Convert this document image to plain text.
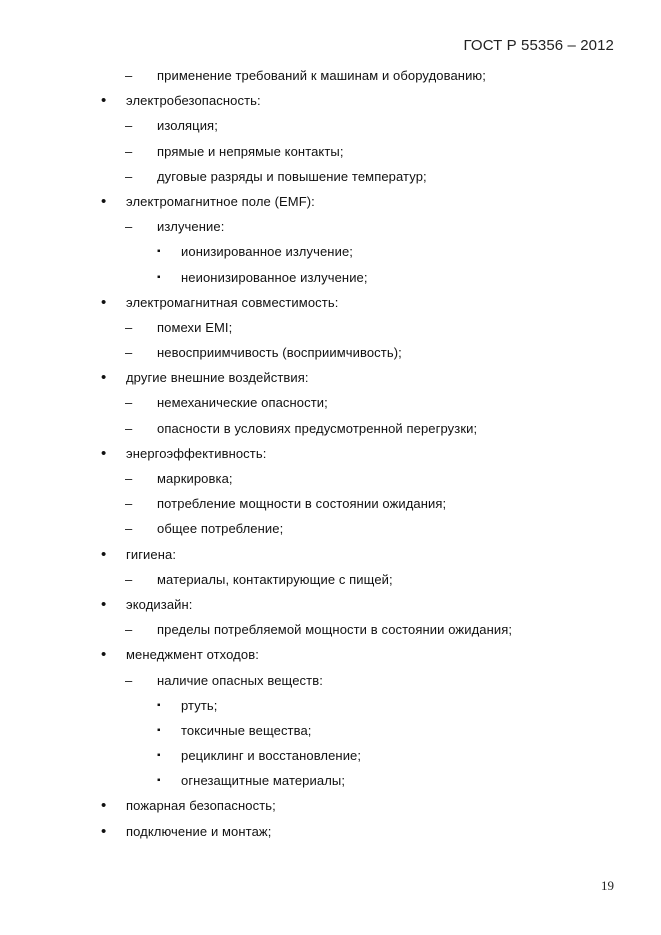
ГОСТ Р 55356 – 2012
– применение требований к машинам и оборудованию;
• электробезопасность:
– изоляция;
– прямые и непрямые контакты;
– дуговые разряды и повышение температур;
• электромагнитное поле (EMF):
– излучение:
▪ ионизированное излучение;
▪ неионизированное излучение;
• электромагнитная совместимость:
– помехи EMI;
– невосприимчивость (восприимчивость);
• другие внешние воздействия:
– немеханические опасности;
– опасности в условиях предусмотренной перегрузки;
• энергоэффективность:
– маркировка;
– потребление мощности в состоянии ожидания;
– общее потребление;
• гигиена:
– материалы, контактирующие с пищей;
• экодизайн:
– пределы потребляемой мощности в состоянии ожидания;
• менеджмент отходов:
– наличие опасных веществ:
▪ ртуть;
▪ токсичные вещества;
▪ рециклинг и восстановление;
▪ огнезащитные материалы;
• пожарная безопасность;
• подключение и монтаж;
19
